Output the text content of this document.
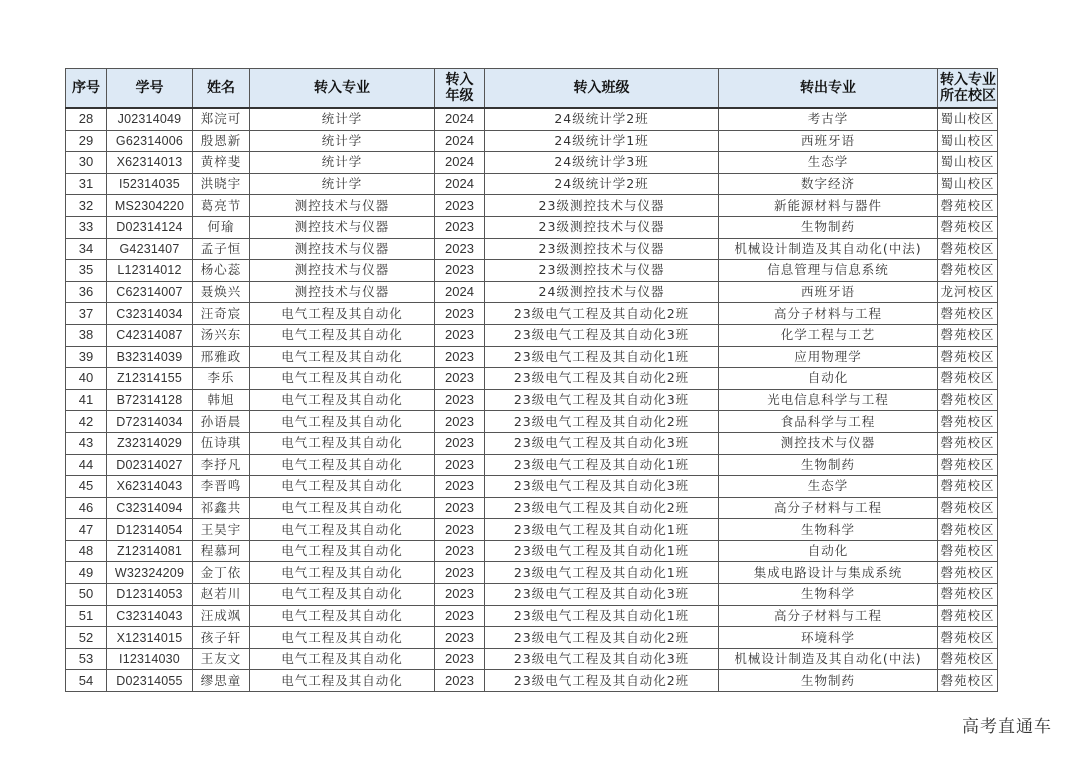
序号	学号	姓名	转入专业	转入年级	转入班级	转出专业	转入专业所在校区

28	J02314049	郑浣可	统计学	2024	24级统计学2班	考古学	蜀山校区
29	G62314006	殷恩新	统计学	2024	24级统计学1班	西班牙语	蜀山校区
30	X62314013	黄梓斐	统计学	2024	24级统计学3班	生态学	蜀山校区
31	I52314035	洪晓宇	统计学	2024	24级统计学2班	数字经济	蜀山校区
32	MS2304220	葛亮节	测控技术与仪器	2023	23级测控技术与仪器	新能源材料与器件	磬苑校区
33	D02314124	何瑜	测控技术与仪器	2023	23级测控技术与仪器	生物制药	磬苑校区
34	G4231407	孟子恒	测控技术与仪器	2023	23级测控技术与仪器	机械设计制造及其自动化(中法)	磬苑校区
35	L12314012	杨心蕊	测控技术与仪器	2023	23级测控技术与仪器	信息管理与信息系统	磬苑校区
36	C62314007	聂焕兴	测控技术与仪器	2024	24级测控技术与仪器	西班牙语	龙河校区
37	C32314034	汪奇宸	电气工程及其自动化	2023	23级电气工程及其自动化2班	高分子材料与工程	磬苑校区
38	C42314087	汤兴东	电气工程及其自动化	2023	23级电气工程及其自动化3班	化学工程与工艺	磬苑校区
39	B32314039	邢雅政	电气工程及其自动化	2023	23级电气工程及其自动化1班	应用物理学	磬苑校区
40	Z12314155	李乐	电气工程及其自动化	2023	23级电气工程及其自动化2班	自动化	磬苑校区
41	B72314128	韩旭	电气工程及其自动化	2023	23级电气工程及其自动化3班	光电信息科学与工程	磬苑校区
42	D72314034	孙语晨	电气工程及其自动化	2023	23级电气工程及其自动化2班	食品科学与工程	磬苑校区
43	Z32314029	伍诗琪	电气工程及其自动化	2023	23级电气工程及其自动化3班	测控技术与仪器	磬苑校区
44	D02314027	李抒凡	电气工程及其自动化	2023	23级电气工程及其自动化1班	生物制药	磬苑校区
45	X62314043	李晋鸣	电气工程及其自动化	2023	23级电气工程及其自动化3班	生态学	磬苑校区
46	C32314094	祁鑫共	电气工程及其自动化	2023	23级电气工程及其自动化2班	高分子材料与工程	磬苑校区
47	D12314054	王昊宇	电气工程及其自动化	2023	23级电气工程及其自动化1班	生物科学	磬苑校区
48	Z12314081	程慕珂	电气工程及其自动化	2023	23级电气工程及其自动化1班	自动化	磬苑校区
49	W32324209	金丁依	电气工程及其自动化	2023	23级电气工程及其自动化1班	集成电路设计与集成系统	磬苑校区
50	D12314053	赵若川	电气工程及其自动化	2023	23级电气工程及其自动化3班	生物科学	磬苑校区
51	C32314043	汪成飒	电气工程及其自动化	2023	23级电气工程及其自动化1班	高分子材料与工程	磬苑校区
52	X12314015	孩子轩	电气工程及其自动化	2023	23级电气工程及其自动化2班	环境科学	磬苑校区
53	I12314030	王友文	电气工程及其自动化	2023	23级电气工程及其自动化3班	机械设计制造及其自动化(中法)	磬苑校区
54	D02314055	缪思童	电气工程及其自动化	2023	23级电气工程及其自动化2班	生物制药	磬苑校区
高考直通车
